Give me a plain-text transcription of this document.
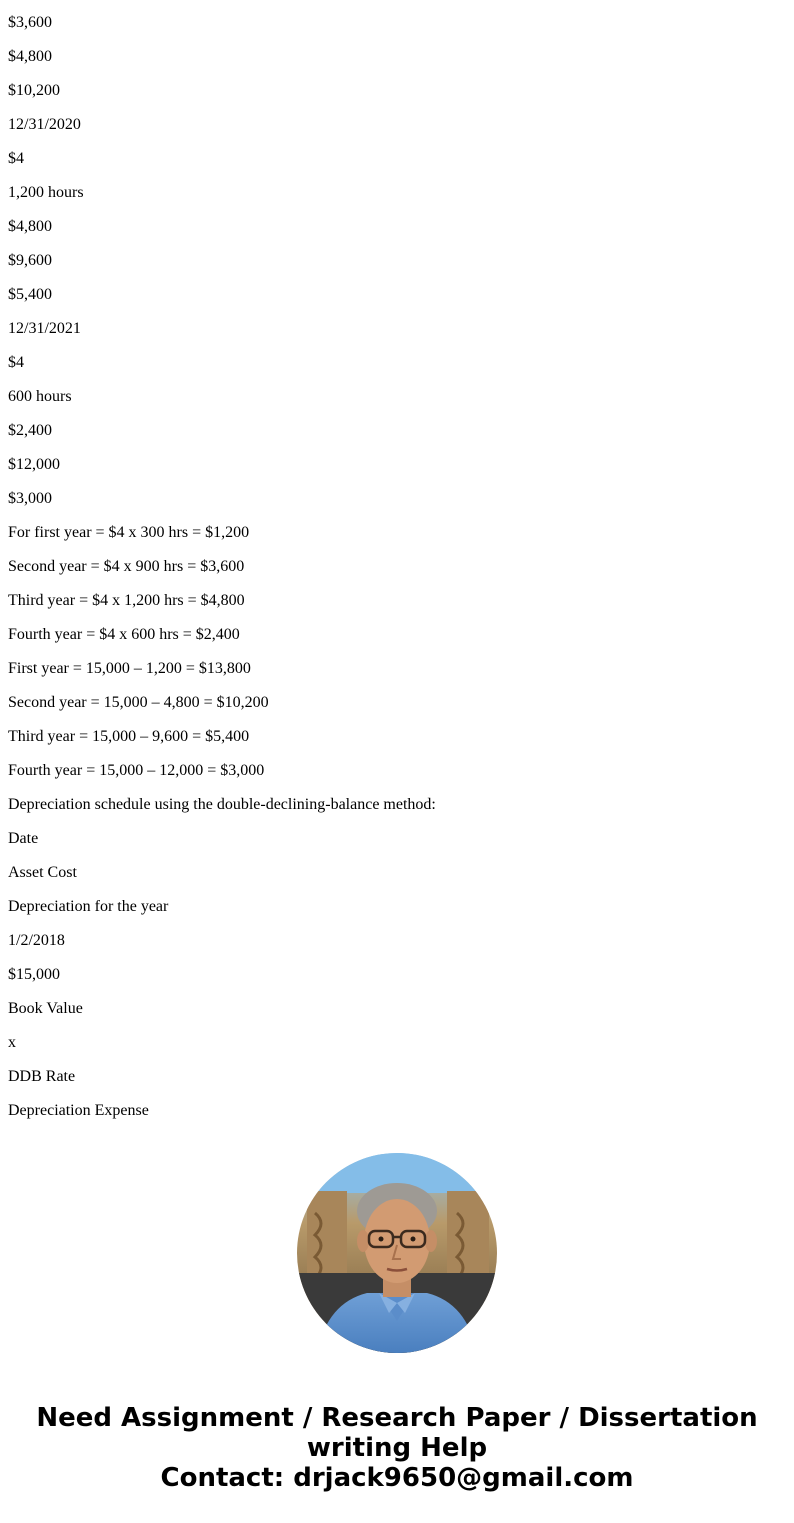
$3,600
$4,800
$10,200
12/31/2020
$4
1,200 hours
$4,800
$9,600
$5,400
12/31/2021
$4
600 hours
$2,400
$12,000
$3,000
For first year = $4 x 300 hrs = $1,200
Second year = $4 x 900 hrs = $3,600
Third year = $4 x 1,200 hrs = $4,800
Fourth year = $4 x 600 hrs = $2,400
First year = 15,000 – 1,200 = $13,800
Second year = 15,000 – 4,800 = $10,200
Third year = 15,000 – 9,600 = $5,400
Fourth year = 15,000 – 12,000 = $3,000
Depreciation schedule using the double-declining-balance method:
Date
Asset Cost
Depreciation for the year
1/2/2018
$15,000
Book Value
x
DDB Rate
Depreciation Expense
Need Assignment / Research Paper / Dissertation
writing Help
Contact: drjack9650@gmail.com
